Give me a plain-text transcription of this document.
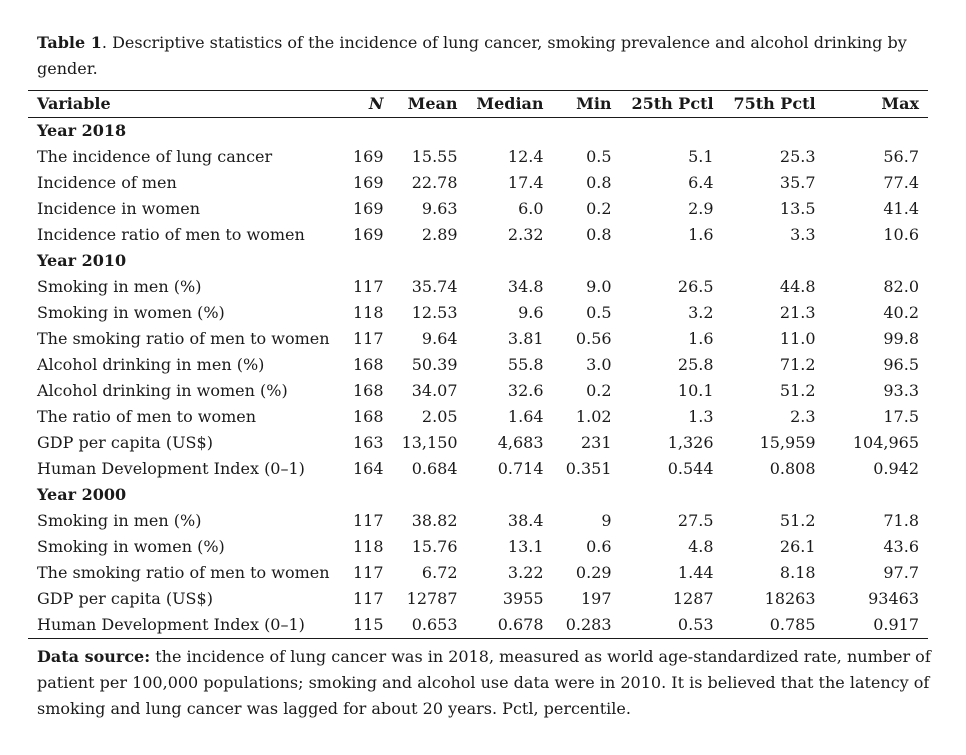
Table 1. Descriptive statistics of the incidence of lung cancer, smoking prevalence and alcohol drinking by gender.
Variable	N	Mean	Median	Min	25th Pctl	75th Pctl	Max
Year 2018							
The incidence of lung cancer	169	15.55	12.4	0.5	5.1	25.3	56.7
Incidence of men	169	22.78	17.4	0.8	6.4	35.7	77.4
Incidence in women	169	9.63	6.0	0.2	2.9	13.5	41.4
Incidence ratio of men to women	169	2.89	2.32	0.8	1.6	3.3	10.6
Year 2010							
Smoking in men (%)	117	35.74	34.8	9.0	26.5	44.8	82.0
Smoking in women (%)	118	12.53	9.6	0.5	3.2	21.3	40.2
The smoking ratio of men to women	117	9.64	3.81	0.56	1.6	11.0	99.8
Alcohol drinking in men (%)	168	50.39	55.8	3.0	25.8	71.2	96.5
Alcohol drinking in women (%)	168	34.07	32.6	0.2	10.1	51.2	93.3
The ratio of men to women	168	2.05	1.64	1.02	1.3	2.3	17.5
GDP per capita (US$)	163	13,150	4,683	231	1,326	15,959	104,965
Human Development Index (0–1)	164	0.684	0.714	0.351	0.544	0.808	0.942
Year 2000							
Smoking in men (%)	117	38.82	38.4	9	27.5	51.2	71.8
Smoking in women (%)	118	15.76	13.1	0.6	4.8	26.1	43.6
The smoking ratio of men to women	117	6.72	3.22	0.29	1.44	8.18	97.7
GDP per capita (US$)	117	12787	3955	197	1287	18263	93463
Human Development Index (0–1)	115	0.653	0.678	0.283	0.53	0.785	0.917
Data source: the incidence of lung cancer was in 2018, measured as world age-standardized rate, number of patient per 100,000 populations; smoking and alcohol use data were in 2010. It is believed that the latency of smoking and lung cancer was lagged for about 20 years. Pctl, percentile.
